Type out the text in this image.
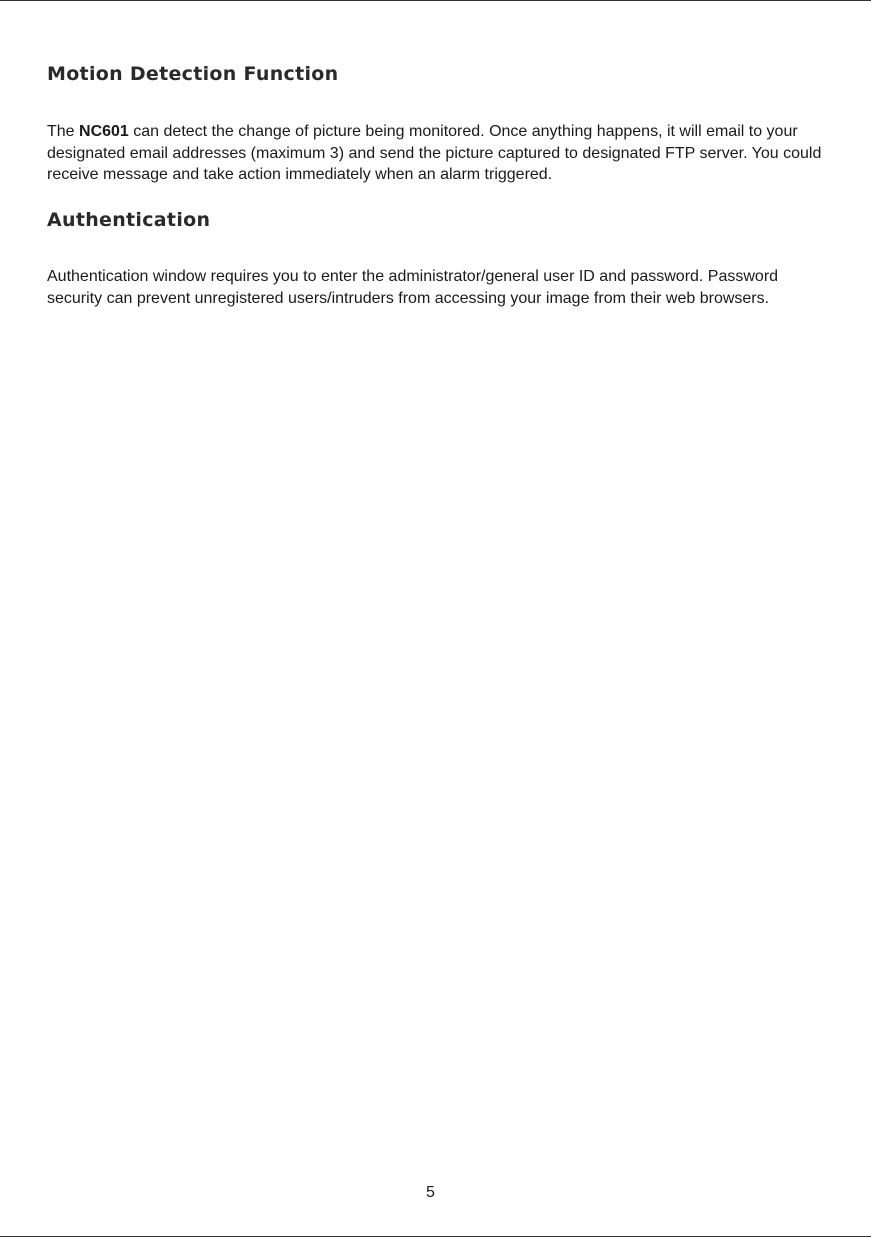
Motion Detection Function

The NC601 can detect the change of picture being monitored. Once anything happens, it will email to your designated email addresses (maximum 3) and send the picture captured to designated FTP server. You could receive message and take action immediately when an alarm triggered.

Authentication

Authentication window requires you to enter the administrator/general user ID and password. Password security can prevent unregistered users/intruders from accessing your image from their web browsers.

5
